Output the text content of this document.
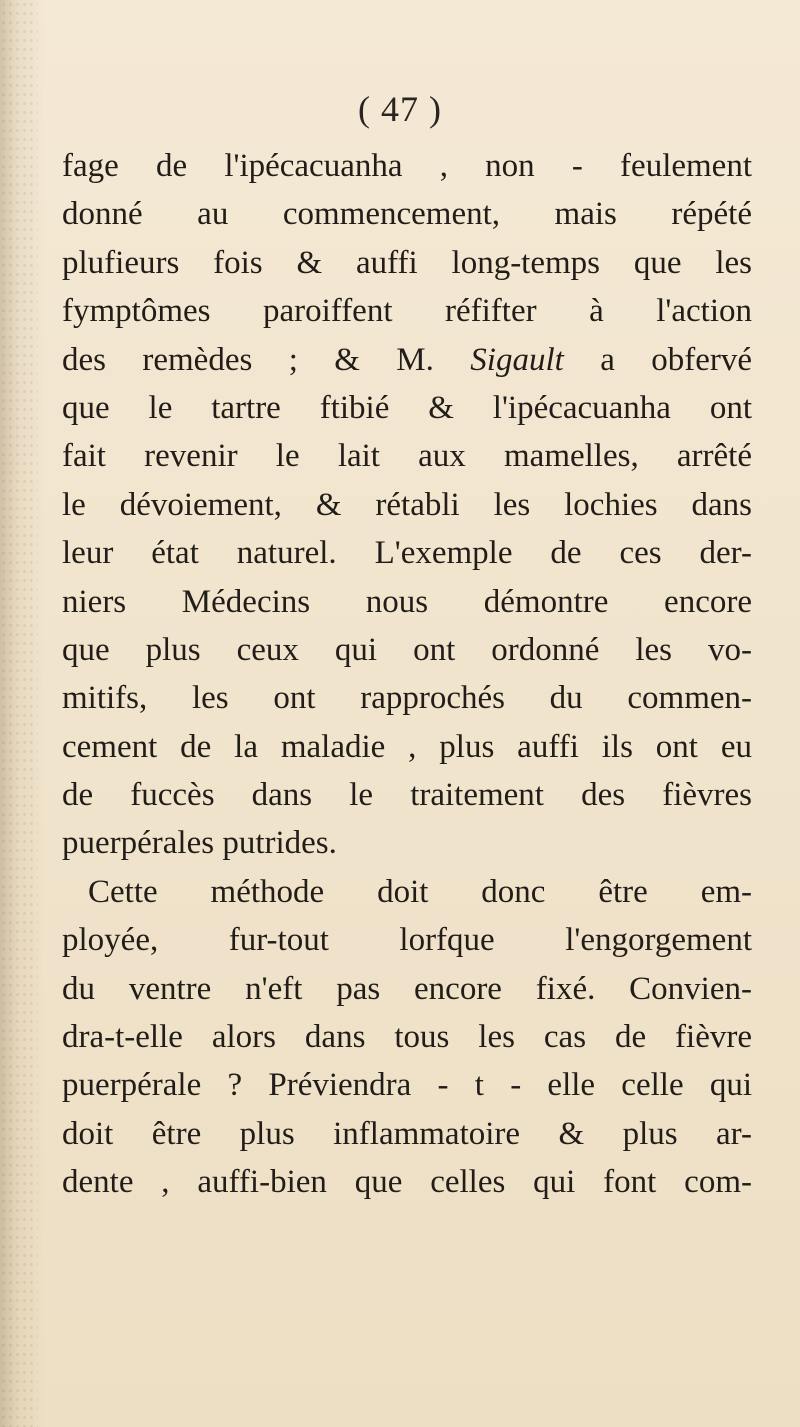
( 47 )
fage de l'ipécacuanha , non - feulement
donné au commencement, mais répété
plufieurs fois & auffi long-temps que les
fymptômes paroiffent réfifter à l'action
des remèdes ; & M. Sigault a obfervé
que le tartre ftibié & l'ipécacuanha ont
fait revenir le lait aux mamelles, arrêté
le dévoiement, & rétabli les lochies dans
leur état naturel. L'exemple de ces der-
niers Médecins nous démontre encore
que plus ceux qui ont ordonné les vo-
mitifs, les ont rapprochés du commen-
cement de la maladie , plus auffi ils ont eu
de fuccès dans le traitement des fièvres
puerpérales putrides.
Cette méthode doit donc être em-
ployée, fur-tout lorfque l'engorgement
du ventre n'eft pas encore fixé. Convien-
dra-t-elle alors dans tous les cas de fièvre
puerpérale ? Préviendra - t - elle celle qui
doit être plus inflammatoire & plus ar-
dente , auffi-bien que celles qui font com-
